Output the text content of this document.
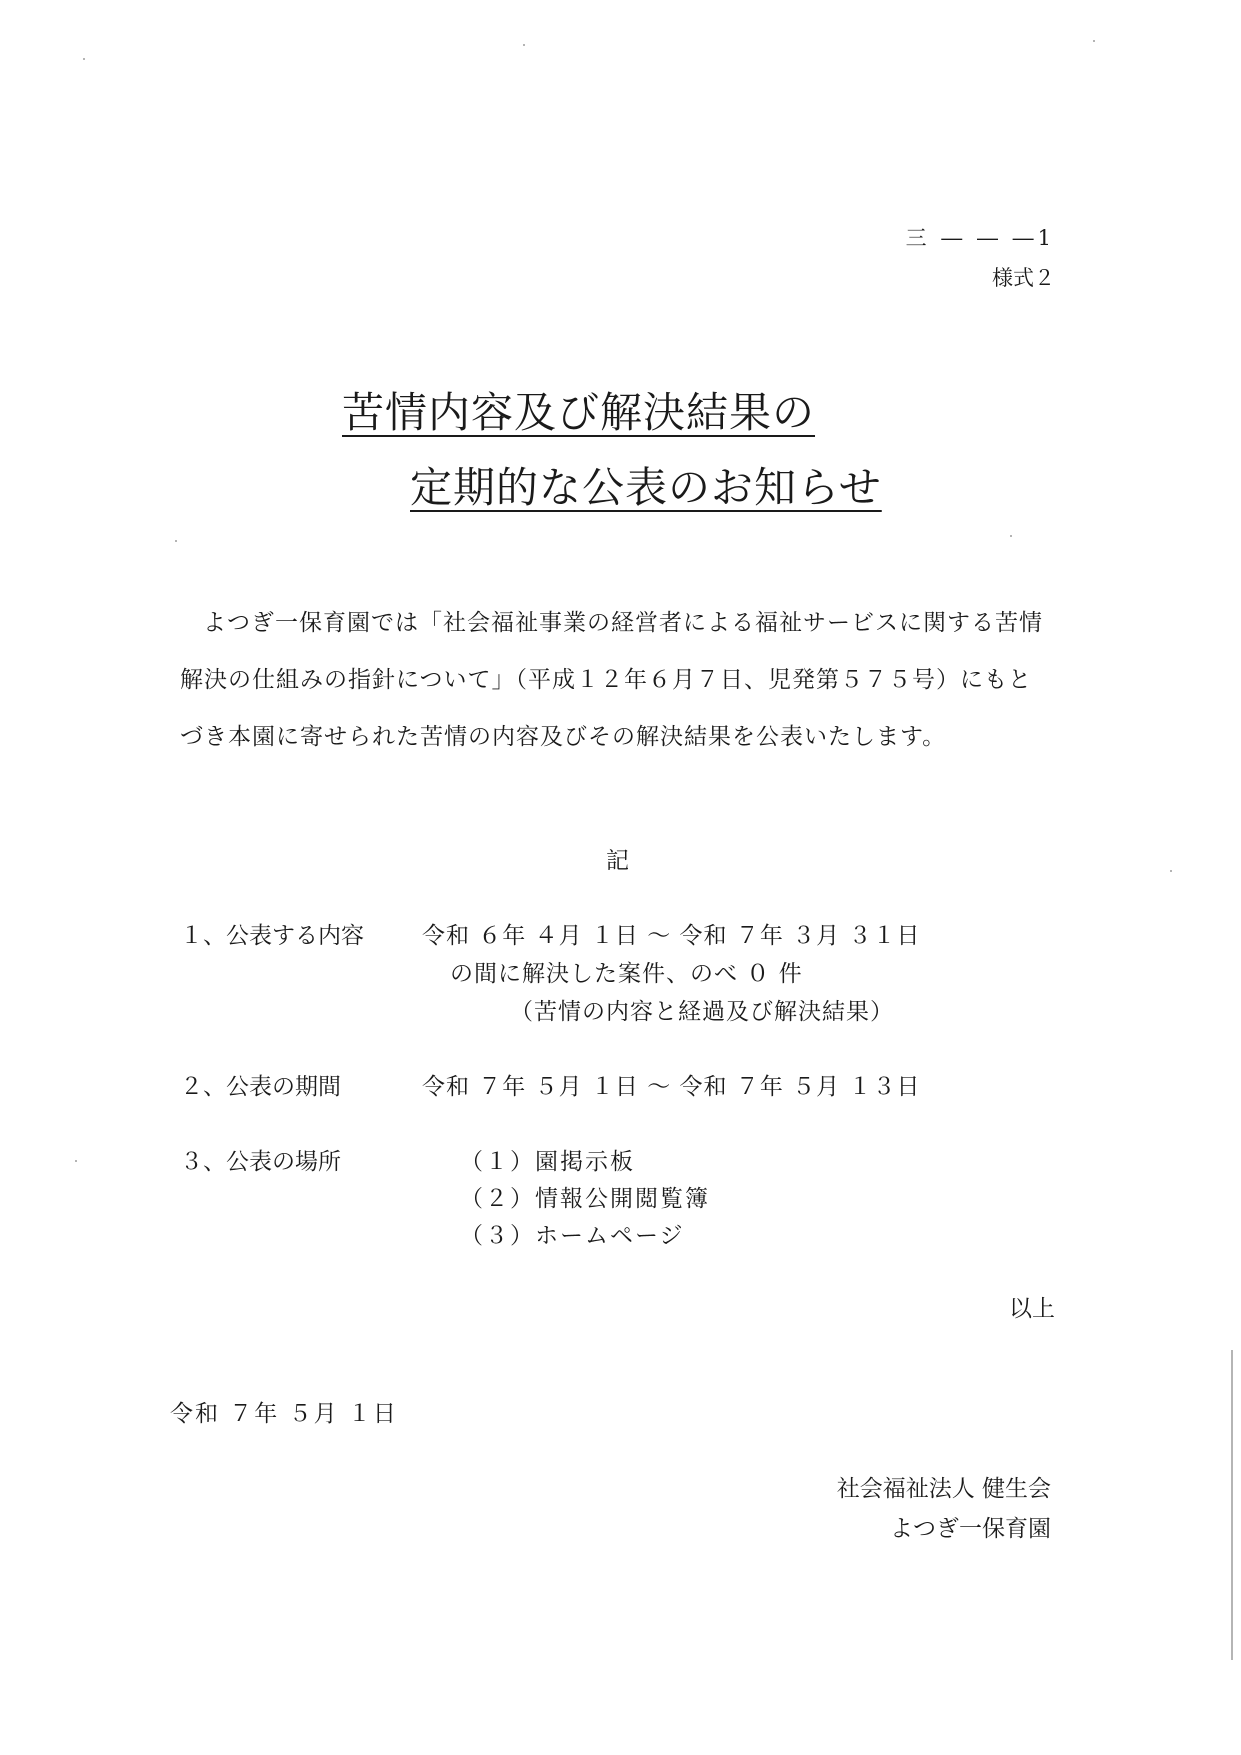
三 ― ― ―1
様式２
苦情内容及び解決結果の
定期的な公表のお知らせ
よつぎ一保育園では「社会福祉事業の経営者による福祉サービスに関する苦情解決の仕組みの指針について」（平成１２年６月７日、児発第５７５号）にもとづき本園に寄せられた苦情の内容及びその解決結果を公表いたします。
記
１、公表する内容	令和 ６年 ４月 １日 ～ 令和 ７年 ３月 ３１日
の間に解決した案件、のべ ０ 件
（苦情の内容と経過及び解決結果）
２、公表の期間	令和 ７年 ５月 １日 ～ 令和 ７年 ５月 １３日
３、公表の場所	（１）園掲示板
（２）情報公開閲覧簿
（３）ホームページ
以上
令和 ７年 ５月 １日
社会福祉法人 健生会
よつぎ一保育園
